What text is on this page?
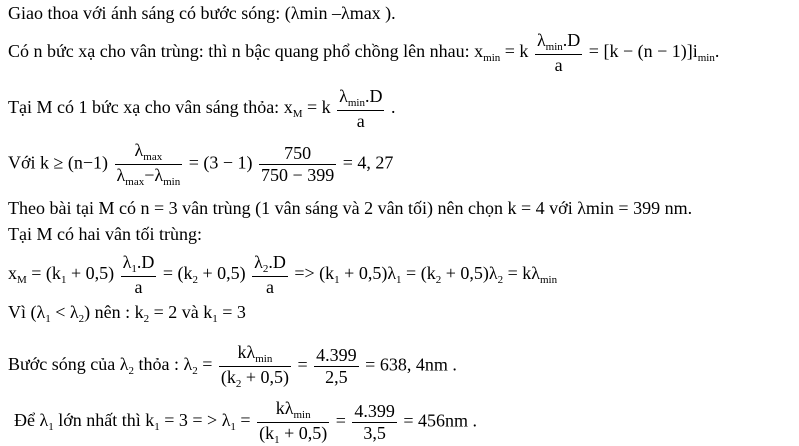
Giao thoa với ánh sáng có bước sóng: (λmin –λmax ).
Có n bức xạ cho vân trùng: thì n bậc quang phổ chồng lên nhau: $x_{min} = k \frac{\lambda_{min}.D}{a} = [k - (n - 1)]i_{min}$.
Tại M có 1 bức xạ cho vân sáng thỏa: $x_M = k \frac{\lambda_{min}.D}{a}$ .
Với $k \ge (n-1) \frac{\lambda_{max}}{\lambda_{max}-\lambda_{min}} = (3 - 1) \frac{750}{750 - 399} = 4$, 27
Theo bài tại M có n = 3 vân trùng (1 vân sáng và 2 vân tối) nên chọn k = 4 với λmin = 399 nm.
Tại M có hai vân tối trùng:
$x_M = (k_1 + 0,5) \frac{\lambda_1.D}{a} = (k_2 + 0,5) \frac{\lambda_2.D}{a} => (k_1 + 0,5)\lambda_1 = (k_2 + 0,5)\lambda_2 = k\lambda_{min}$
Vì $(\lambda_1 < \lambda_2)$ nên : $k_2 = 2$ và $k_1 = 3$
Bước sóng của $\lambda_2$ thỏa : $\lambda_2 = \frac{k\lambda_{min}}{(k_2 + 0,5)} = \frac{4.399}{2,5} = 638$, 4nm .
Để $\lambda_1$ lớn nhất thì $k_1 = 3$ = > $\lambda_1 = \frac{k\lambda_{min}}{(k_1 + 0,5)} = \frac{4.399}{3,5} = 456nm$ .
